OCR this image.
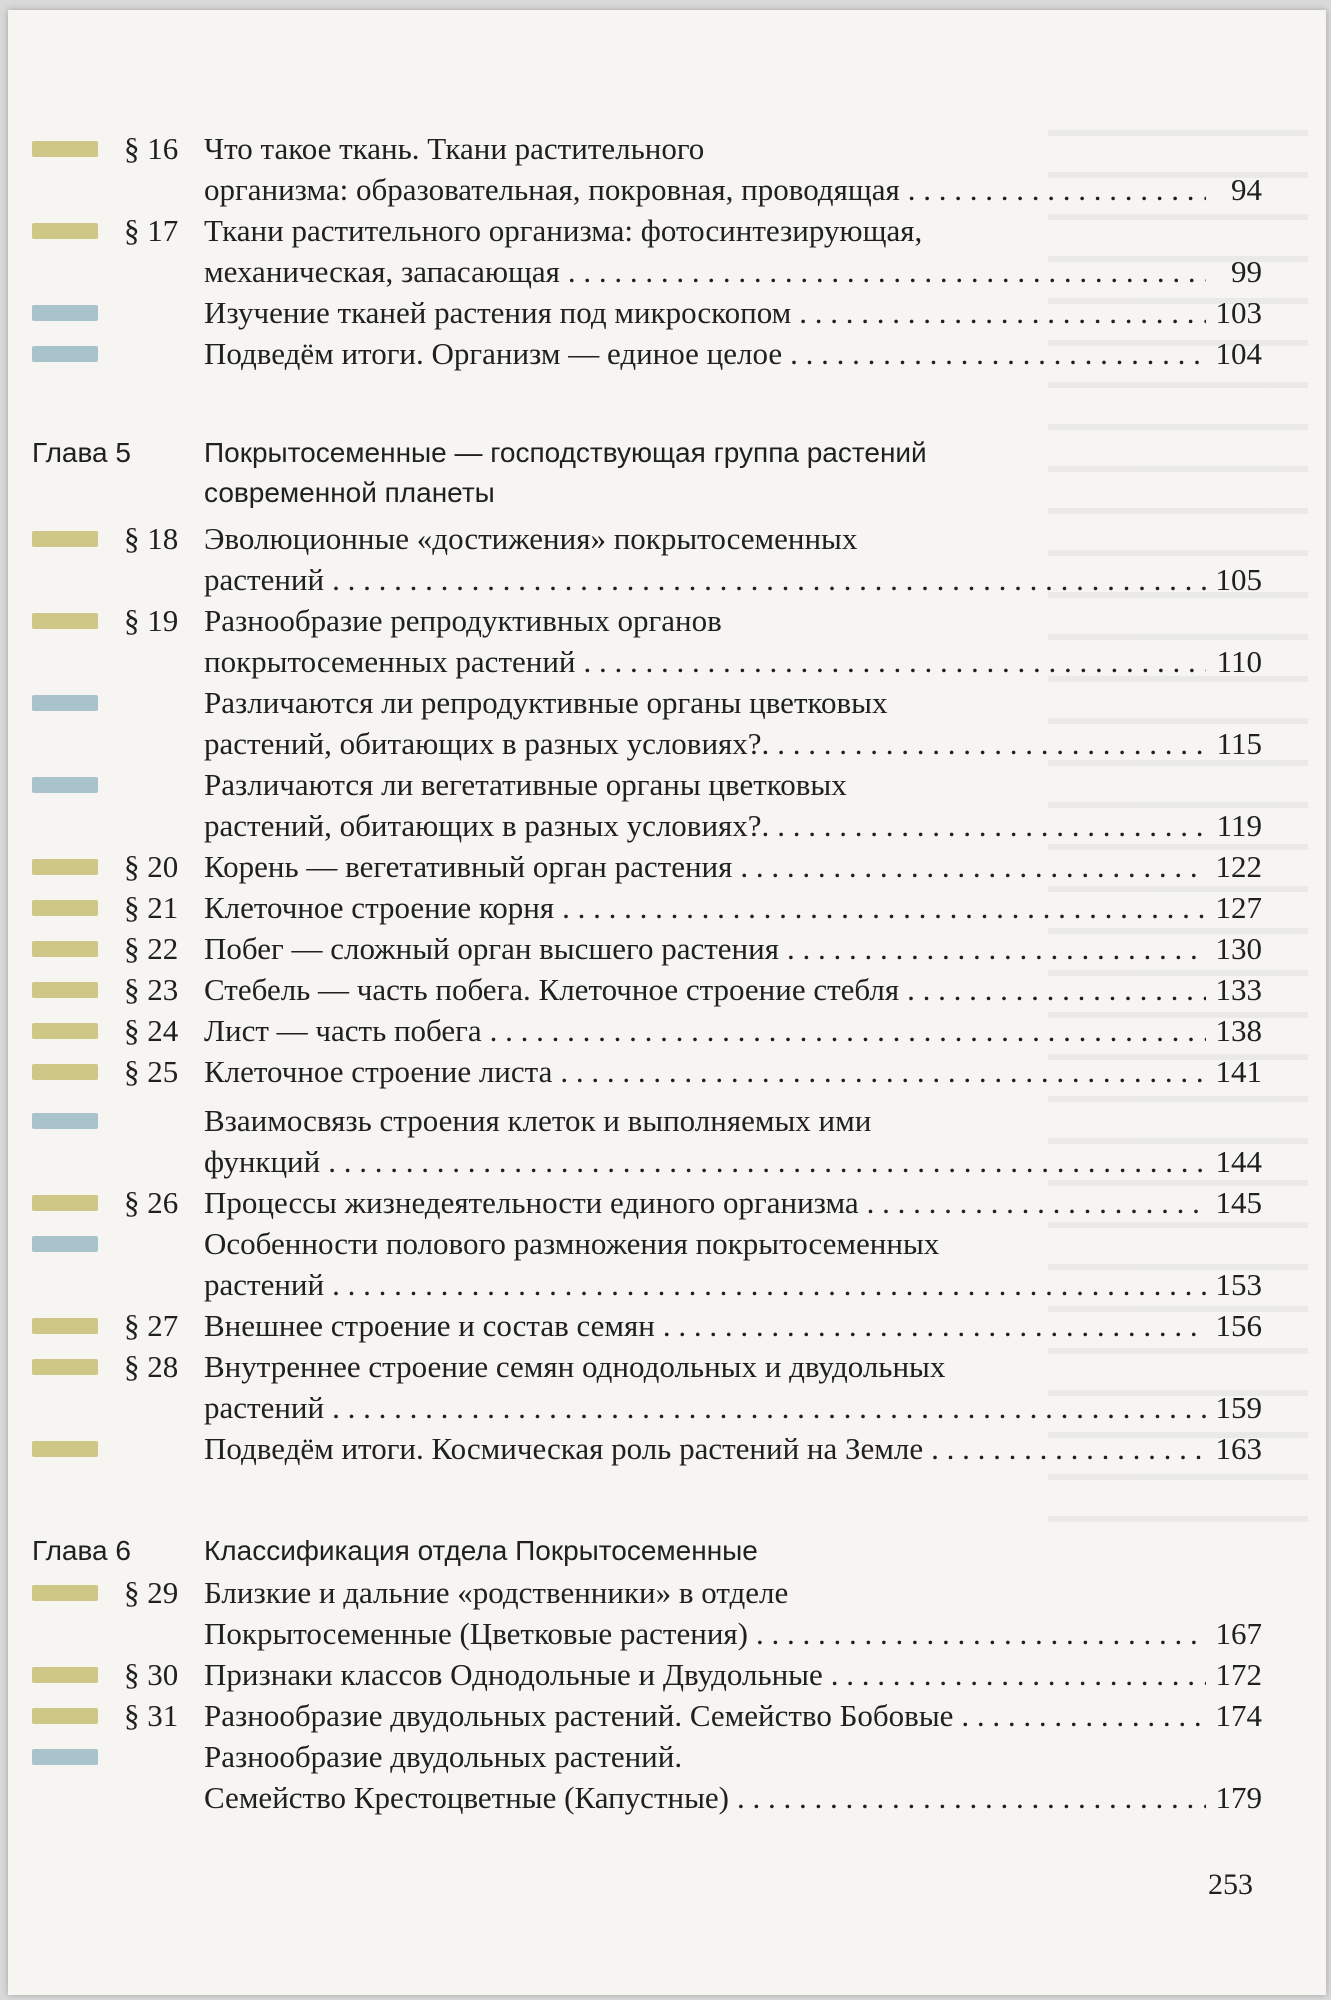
§ 16 Что такое ткань. Ткани растительного
организма: образовательная, покровная, проводящая . . .	94
§ 17 Ткани растительного организма: фотосинтезирующая,
механическая, запасающая . . .	99
Изучение тканей растения под микроскопом . . .	103
Подведём итоги. Организм — единое целое . . .	104
§ 18 Эволюционные «достижения» покрытосеменных
растений . . .	105
§ 19 Разнообразие репродуктивных органов
покрытосеменных растений . . .	110
Различаются ли репродуктивные органы цветковых
растений, обитающих в разных условиях?. . . .	115
Различаются ли вегетативные органы цветковых
растений, обитающих в разных условиях?. . . .	119
§ 20 Корень — вегетативный орган растения . . .	122
§ 21 Клеточное строение корня . . .	127
§ 22 Побег — сложный орган высшего растения . . .	130
§ 23 Стебель — часть побега. Клеточное строение стебля . . .	133
§ 24 Лист — часть побега . . .	138
§ 25 Клеточное строение листа . . .	141
Взаимосвязь строения клеток и выполняемых ими
функций . . .	144
§ 26 Процессы жизнедеятельности единого организма . . .	145
Особенности полового размножения покрытосеменных
растений . . .	153
§ 27 Внешнее строение и состав семян . . .	156
§ 28 Внутреннее строение семян однодольных и двудольных
растений . . .	159
Подведём итоги. Космическая роль растений на Земле . . .	163
§ 29 Близкие и дальние «родственники» в отделе
Покрытосеменные (Цветковые растения) . . .	167
§ 30 Признаки классов Однодольные и Двудольные . . .	172
§ 31 Разнообразие двудольных растений. Семейство Бобовые . . .	174
Разнообразие двудольных растений.
Семейство Крестоцветные (Капустные) . . .	179
Глава 5	Покрытосеменные — господствующая группа растений современной планеты
Глава 6	Классификация отдела Покрытосеменные
253
